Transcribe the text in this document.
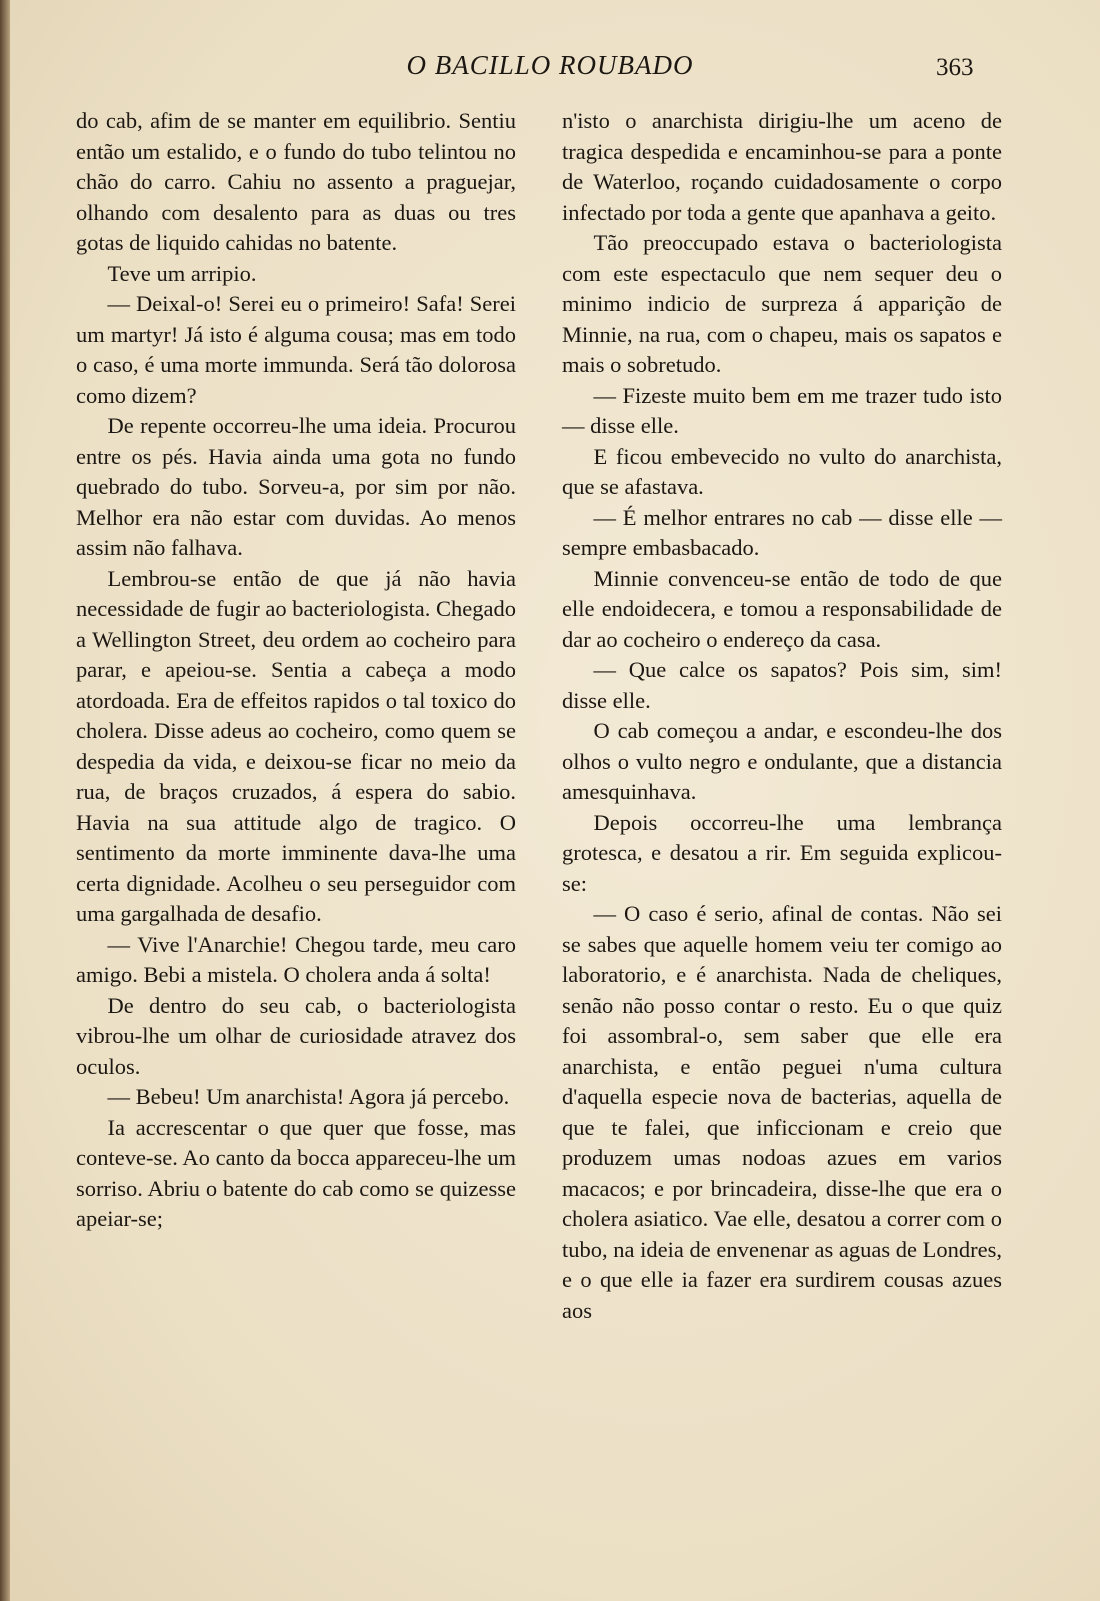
O BACILLO ROUBADO	363

do cab, afim de se manter em equilibrio. Sentiu então um estalido, e o fundo do tubo telintou no chão do carro. Cahiu no assento a praguejar, olhando com desalento para as duas ou tres gotas de liquido cahidas no batente.

Teve um arripio.

— Deixal-o! Serei eu o primeiro! Safa! Serei um martyr! Já isto é alguma cousa; mas em todo o caso, é uma morte immunda. Será tão dolorosa como dizem?

De repente occorreu-lhe uma ideia. Procurou entre os pés. Havia ainda uma gota no fundo quebrado do tubo. Sorveu-a, por sim por não. Melhor era não estar com duvidas. Ao menos assim não falhava.

Lembrou-se então de que já não havia necessidade de fugir ao bacteriologista. Chegado a Wellington Street, deu ordem ao cocheiro para parar, e apeiou-se. Sentia a cabeça a modo atordoada. Era de effeitos rapidos o tal toxico do cholera. Disse adeus ao cocheiro, como quem se despedia da vida, e deixou-se ficar no meio da rua, de braços cruzados, á espera do sabio. Havia na sua attitude algo de tragico. O sentimento da morte imminente dava-lhe uma certa dignidade. Acolheu o seu perseguidor com uma gargalhada de desafio.

— Vive l'Anarchie! Chegou tarde, meu caro amigo. Bebi a mistela. O cholera anda á solta!

De dentro do seu cab, o bacteriologista vibrou-lhe um olhar de curiosidade atravez dos oculos.

— Bebeu! Um anarchista! Agora já percebo.

Ia accrescentar o que quer que fosse, mas conteve-se. Ao canto da bocca appareceu-lhe um sorriso. Abriu o batente do cab como se quizesse apeiar-se;

n'isto o anarchista dirigiu-lhe um aceno de tragica despedida e encaminhou-se para a ponte de Waterloo, roçando cuidadosamente o corpo infectado por toda a gente que apanhava a geito.

Tão preoccupado estava o bacteriologista com este espectaculo que nem sequer deu o minimo indicio de surpreza á apparição de Minnie, na rua, com o chapeu, mais os sapatos e mais o sobretudo.

— Fizeste muito bem em me trazer tudo isto — disse elle.

E ficou embevecido no vulto do anarchista, que se afastava.

— É melhor entrares no cab — disse elle — sempre embasbacado.

Minnie convenceu-se então de todo de que elle endoidecera, e tomou a responsabilidade de dar ao cocheiro o endereço da casa.

— Que calce os sapatos? Pois sim, sim! disse elle.

O cab começou a andar, e escondeu-lhe dos olhos o vulto negro e ondulante, que a distancia amesquinhava.

Depois occorreu-lhe uma lembrança grotesca, e desatou a rir. Em seguida explicou-se:

— O caso é serio, afinal de contas. Não sei se sabes que aquelle homem veiu ter comigo ao laboratorio, e é anarchista. Nada de cheliques, senão não posso contar o resto. Eu o que quiz foi assombral-o, sem saber que elle era anarchista, e então peguei n'uma cultura d'aquella especie nova de bacterias, aquella de que te falei, que inficcionam e creio que produzem umas nodoas azues em varios macacos; e por brincadeira, disse-lhe que era o cholera asiatico. Vae elle, desatou a correr com o tubo, na ideia de envenenar as aguas de Londres, e o que elle ia fazer era surdirem cousas azues aos
